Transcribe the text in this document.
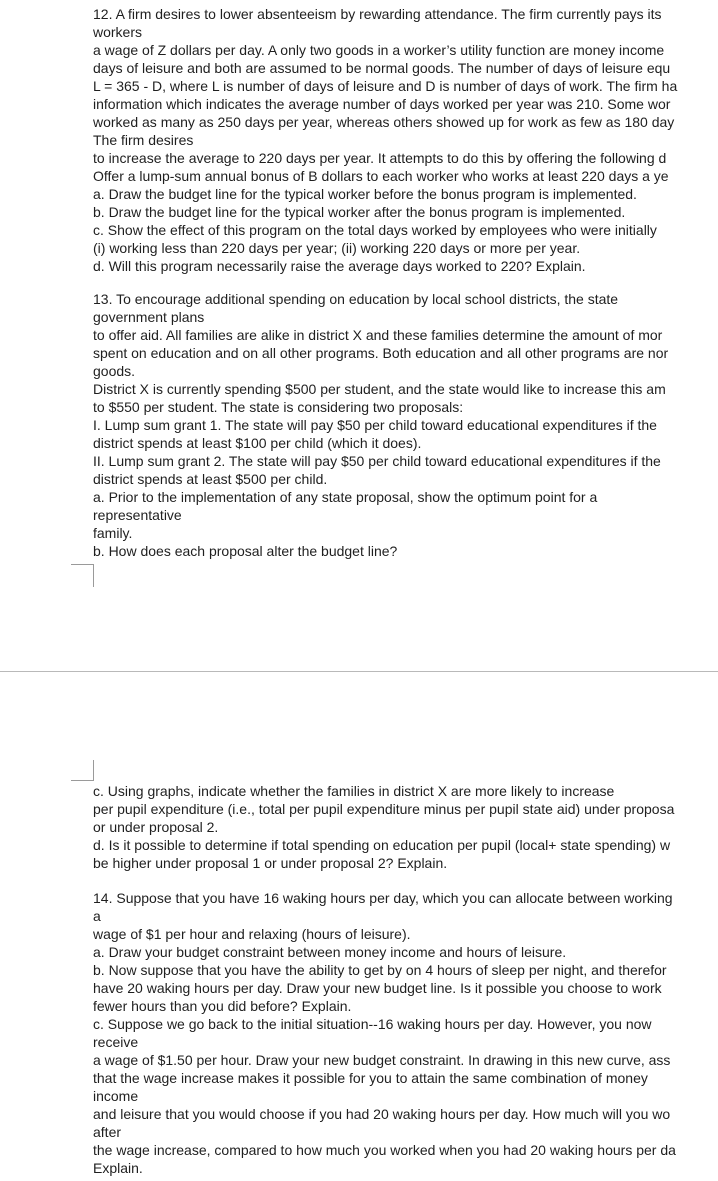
12. A firm desires to lower absenteeism by rewarding attendance. The firm currently pays its
workers
a wage of Z dollars per day. A only two goods in a worker’s utility function are money income
days of leisure and both are assumed to be normal goods. The number of days of leisure equ
L = 365 - D, where L is number of days of leisure and D is number of days of work. The firm ha
information which indicates the average number of days worked per year was 210. Some wor
worked as many as 250 days per year, whereas others showed up for work as few as 180 day
The firm desires
to increase the average to 220 days per year. It attempts to do this by offering the following d
Offer a lump-sum annual bonus of B dollars to each worker who works at least 220 days a ye
a. Draw the budget line for the typical worker before the bonus program is implemented.
b. Draw the budget line for the typical worker after the bonus program is implemented.
c. Show the effect of this program on the total days worked by employees who were initially
(i) working less than 220 days per year; (ii) working 220 days or more per year.
d. Will this program necessarily raise the average days worked to 220? Explain.
13. To encourage additional spending on education by local school districts, the state
government plans
to offer aid. All families are alike in district X and these families determine the amount of mor
spent on education and on all other programs. Both education and all other programs are nor
goods.
District X is currently spending $500 per student, and the state would like to increase this am
to $550 per student. The state is considering two proposals:
I. Lump sum grant 1. The state will pay $50 per child toward educational expenditures if the
district spends at least $100 per child (which it does).
II. Lump sum grant 2. The state will pay $50 per child toward educational expenditures if the
district spends at least $500 per child.
a. Prior to the implementation of any state proposal, show the optimum point for a
representative
family.
b. How does each proposal alter the budget line?
c. Using graphs, indicate whether the families in district X are more likely to increase
per pupil expenditure (i.e., total per pupil expenditure minus per pupil state aid) under proposa
or under proposal 2.
d. Is it possible to determine if total spending on education per pupil (local+ state spending) w
be higher under proposal 1 or under proposal 2? Explain.
14. Suppose that you have 16 waking hours per day, which you can allocate between working
a
wage of $1 per hour and relaxing (hours of leisure).
a. Draw your budget constraint between money income and hours of leisure.
b. Now suppose that you have the ability to get by on 4 hours of sleep per night, and therefor
have 20 waking hours per day. Draw your new budget line. Is it possible you choose to work
fewer hours than you did before? Explain.
c. Suppose we go back to the initial situation--16 waking hours per day. However, you now
receive
a wage of $1.50 per hour. Draw your new budget constraint. In drawing in this new curve, ass
that the wage increase makes it possible for you to attain the same combination of money
income
and leisure that you would choose if you had 20 waking hours per day. How much will you wo
after
the wage increase, compared to how much you worked when you had 20 waking hours per da
Explain.
